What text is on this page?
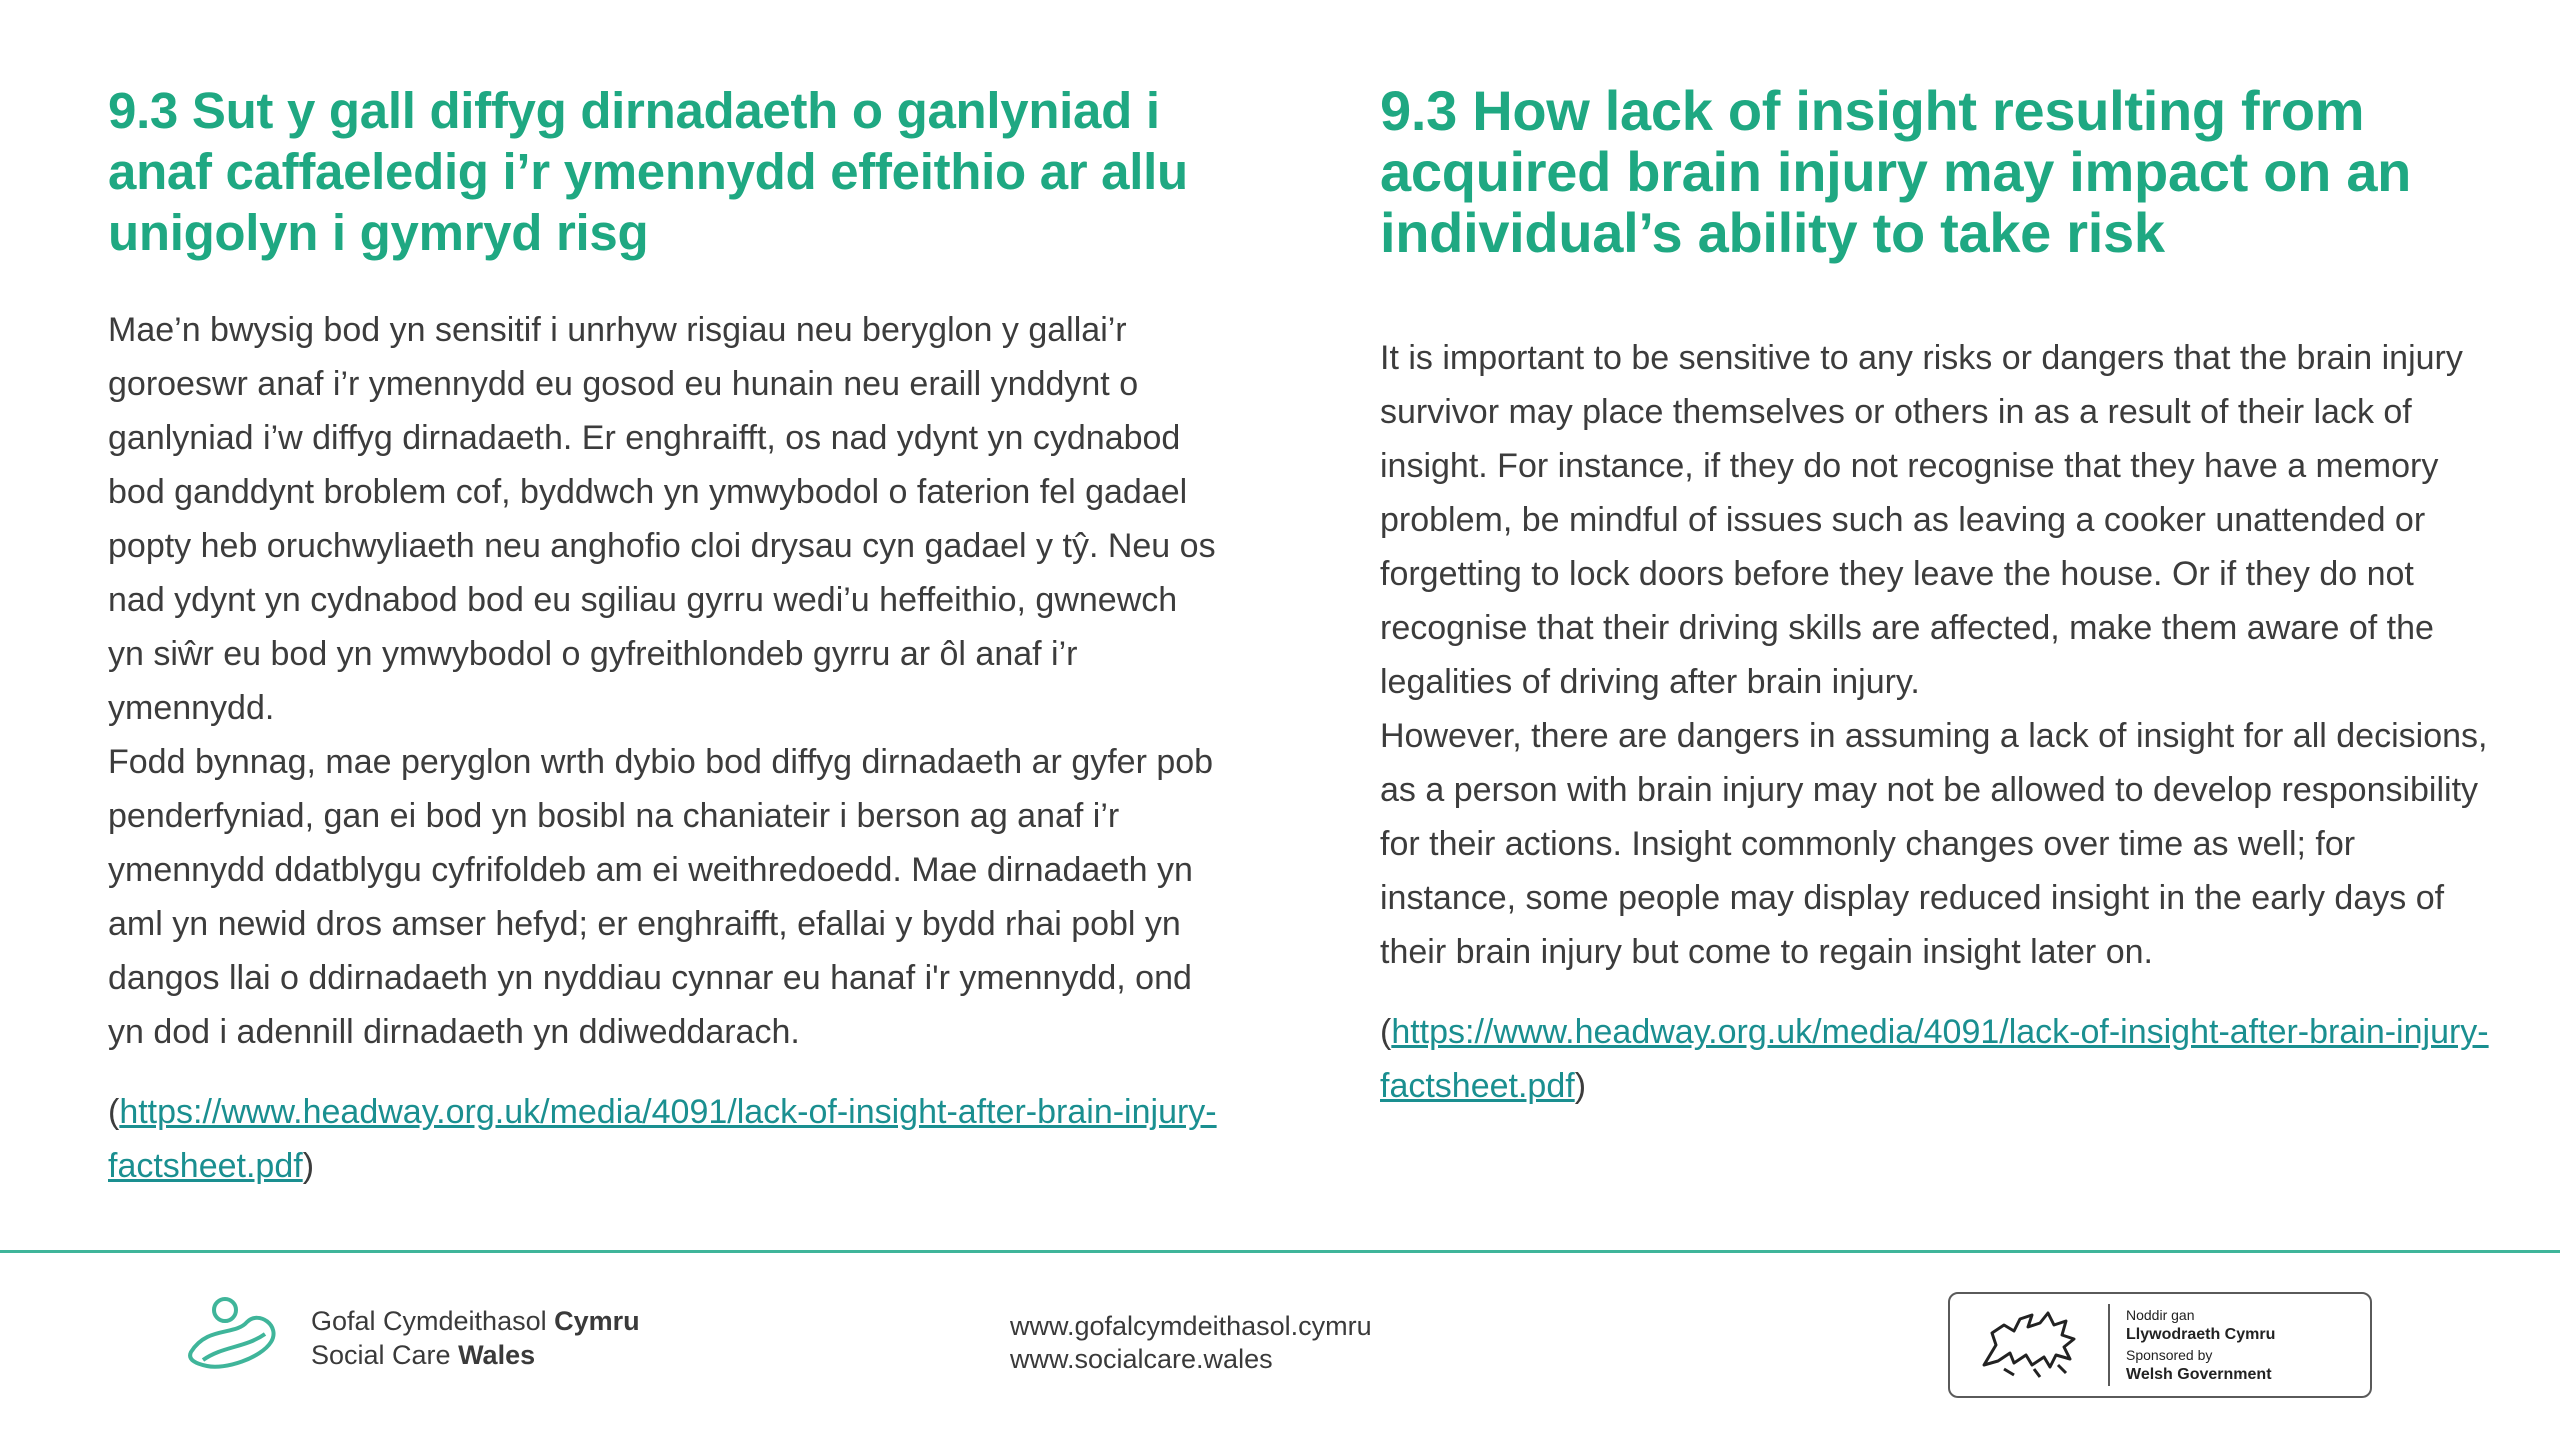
9.3 Sut y gall diffyg dirnadaeth o ganlyniad i anaf caffaeledig i’r ymennydd effeithio ar allu unigolyn i gymryd risg

Mae’n bwysig bod yn sensitif i unrhyw risgiau neu beryglon y gallai’r goroeswr anaf i’r ymennydd eu gosod eu hunain neu eraill ynddynt o ganlyniad i’w diffyg dirnadaeth. Er enghraifft, os nad ydynt yn cydnabod bod ganddynt broblem cof, byddwch yn ymwybodol o faterion fel gadael popty heb oruchwyliaeth neu anghofio cloi drysau cyn gadael y tŷ. Neu os nad ydynt yn cydnabod bod eu sgiliau gyrru wedi’u heffeithio, gwnewch yn siŵr eu bod yn ymwybodol o gyfreithlondeb gyrru ar ôl anaf i’r ymennydd.
Fodd bynnag, mae peryglon wrth dybio bod diffyg dirnadaeth ar gyfer pob penderfyniad, gan ei bod yn bosibl na chaniateir i berson ag anaf i’r ymennydd ddatblygu cyfrifoldeb am ei weithredoedd. Mae dirnadaeth yn aml yn newid dros amser hefyd; er enghraifft, efallai y bydd rhai pobl yn dangos llai o ddirnadaeth yn nyddiau cynnar eu hanaf i'r ymennydd, ond yn dod i adennill dirnadaeth yn ddiweddarach.

(https://www.headway.org.uk/media/4091/lack-of-insight-after-brain-injury-factsheet.pdf)

9.3 How lack of insight resulting from acquired brain injury may impact on an individual’s ability to take risk

It is important to be sensitive to any risks or dangers that the brain injury survivor may place themselves or others in as a result of their lack of insight. For instance, if they do not recognise that they have a memory problem, be mindful of issues such as leaving a cooker unattended or forgetting to lock doors before they leave the house. Or if they do not recognise that their driving skills are affected, make them aware of the legalities of driving after brain injury.
However, there are dangers in assuming a lack of insight for all decisions, as a person with brain injury may not be allowed to develop responsibility for their actions. Insight commonly changes over time as well; for instance, some people may display reduced insight in the early days of their brain injury but come to regain insight later on.

(https://www.headway.org.uk/media/4091/lack-of-insight-after-brain-injury-factsheet.pdf)

Gofal Cymdeithasol Cymru
Social Care Wales
www.gofalcymdeithasol.cymru
www.socialcare.wales
Noddir gan
Llywodraeth Cymru
Sponsored by
Welsh Government
